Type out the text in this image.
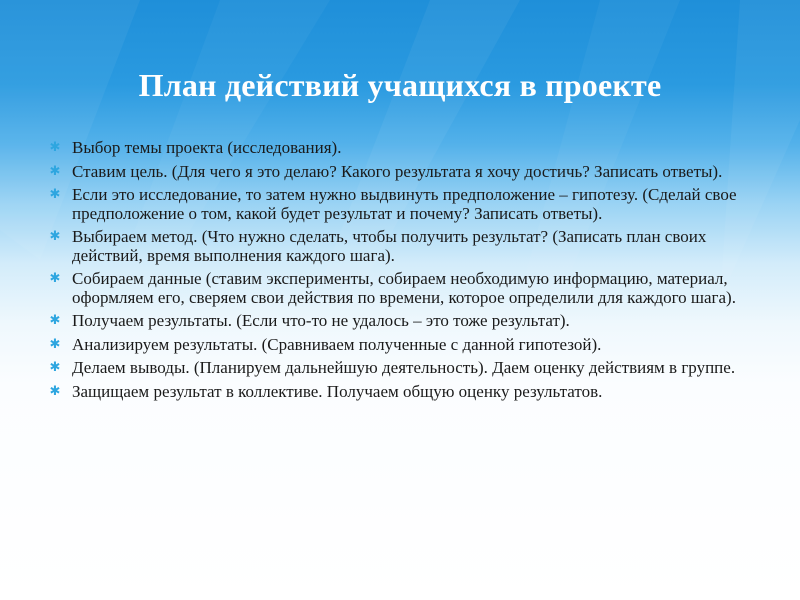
План действий учащихся в проекте
✱ Выбор темы проекта (исследования).
✱ Ставим цель. (Для чего я это делаю? Какого результата я хочу достичь? Записать ответы).
✱ Если это исследование, то затем нужно выдвинуть предположение – гипотезу. (Сделай свое предположение о том, какой будет результат и почему? Записать ответы).
✱ Выбираем метод. (Что нужно сделать, чтобы получить результат? (Записать план своих действий, время выполнения каждого шага).
✱ Собираем данные (ставим эксперименты, собираем необходимую информацию, материал, оформляем его, сверяем свои действия по времени, которое определили для каждого шага).
✱ Получаем результаты. (Если что-то не удалось – это тоже результат).
✱ Анализируем результаты. (Сравниваем полученные с данной гипотезой).
✱ Делаем выводы. (Планируем дальнейшую деятельность). Даем оценку действиям в группе.
✱ Защищаем результат в коллективе. Получаем общую оценку результатов.
